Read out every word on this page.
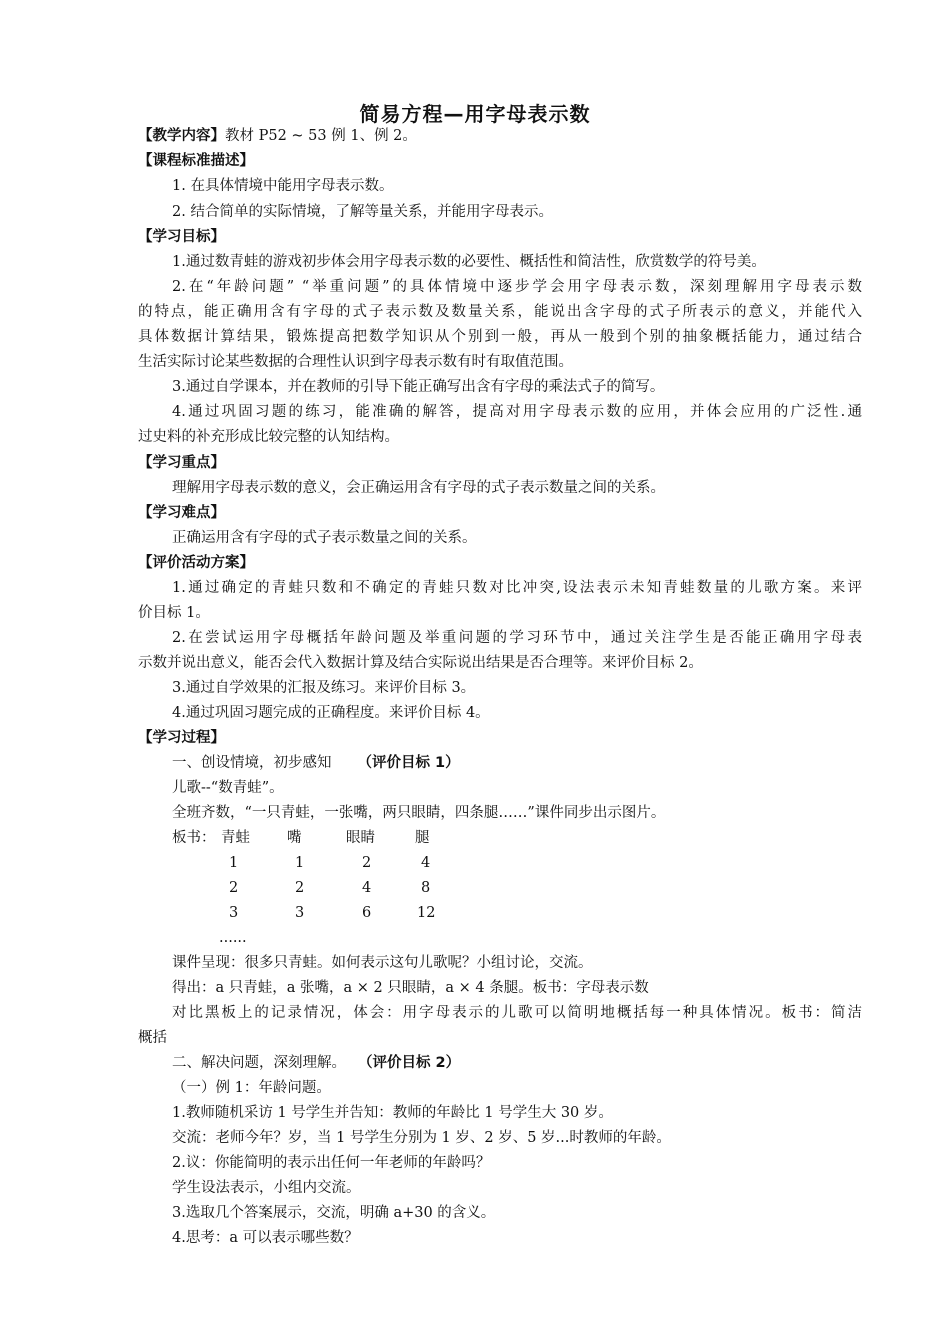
简易方程—用字母表示数
【教学内容】教材 P52 ~ 53 例 1、例 2。
【课程标准描述】
1. 在具体情境中能用字母表示数。
2. 结合简单的实际情境，了解等量关系，并能用字母表示。
【学习目标】
1.通过数青蛙的游戏初步体会用字母表示数的必要性、概括性和简洁性，欣赏数学的符号美。
2.在“年龄问题” “举重问题”的具体情境中逐步学会用字母表示数，深刻理解用字母表示数
的特点，能正确用含有字母的式子表示数及数量关系，能说出含字母的式子所表示的意义，并能代入
具体数据计算结果，锻炼提高把数学知识从个别到一般，再从一般到个别的抽象概括能力，通过结合
生活实际讨论某些数据的合理性认识到字母表示数有时有取值范围。
3.通过自学课本，并在教师的引导下能正确写出含有字母的乘法式子的简写。
4.通过巩固习题的练习，能准确的解答，提高对用字母表示数的应用，并体会应用的广泛性.通
过史料的补充形成比较完整的认知结构。
【学习重点】
理解用字母表示数的意义，会正确运用含有字母的式子表示数量之间的关系。
【学习难点】
正确运用含有字母的式子表示数量之间的关系。
【评价活动方案】
1.通过确定的青蛙只数和不确定的青蛙只数对比冲突,设法表示未知青蛙数量的儿歌方案。来评
价目标 1。
2.在尝试运用字母概括年龄问题及举重问题的学习环节中，通过关注学生是否能正确用字母表
示数并说出意义，能否会代入数据计算及结合实际说出结果是否合理等。来评价目标 2。
3.通过自学效果的汇报及练习。来评价目标 3。
4.通过巩固习题完成的正确程度。来评价目标 4。
【学习过程】
一、创设情境，初步感知 （评价目标 1）
儿歌--“数青蛙”。
全班齐数，“一只青蛙，一张嘴，两只眼睛，四条腿……”课件同步出示图片。
板书： 青蛙	嘴	眼睛	腿
1	1	2	4
2	2	4	8
3	3	6	12
......
课件呈现：很多只青蛙。如何表示这句儿歌呢？小组讨论，交流。
得出：a 只青蛙，a 张嘴，a × 2 只眼睛，a × 4 条腿。板书：字母表示数
对比黑板上的记录情况，体会：用字母表示的儿歌可以简明地概括每一种具体情况。板书：简洁
概括
二、解决问题，深刻理解。 （评价目标 2）
（一）例 1：年龄问题。
1.教师随机采访 1 号学生并告知：教师的年龄比 1 号学生大 30 岁。
交流：老师今年？岁，当 1 号学生分别为 1 岁、2 岁、5 岁...时教师的年龄。
2.议：你能简明的表示出任何一年老师的年龄吗？
学生设法表示，小组内交流。
3.选取几个答案展示，交流，明确 a+30 的含义。
4.思考：a 可以表示哪些数？
